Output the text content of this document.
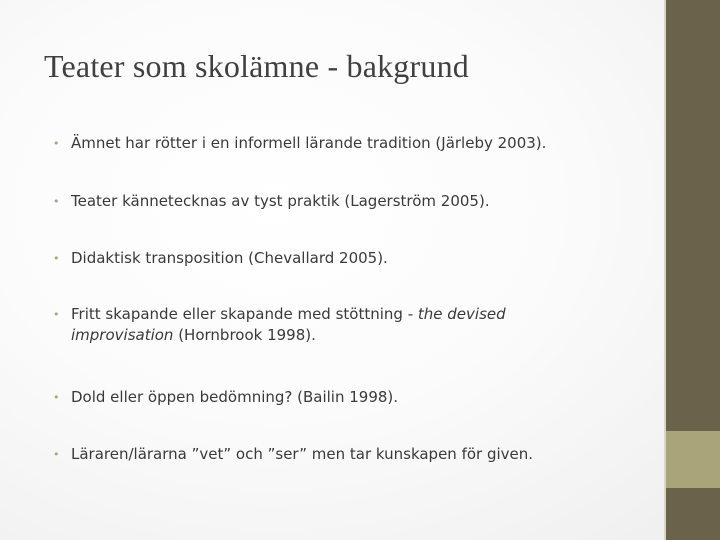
Teater som skolämne - bakgrund
• Ämnet har rötter i en informell lärande tradition (Järleby 2003).
• Teater kännetecknas av tyst praktik (Lagerström 2005).
• Didaktisk transposition (Chevallard 2005).
• Fritt skapande eller skapande med stöttning - the devised
improvisation (Hornbrook 1998).
• Dold eller öppen bedömning? (Bailin 1998).
• Läraren/lärarna ”vet” och ”ser” men tar kunskapen för given.
